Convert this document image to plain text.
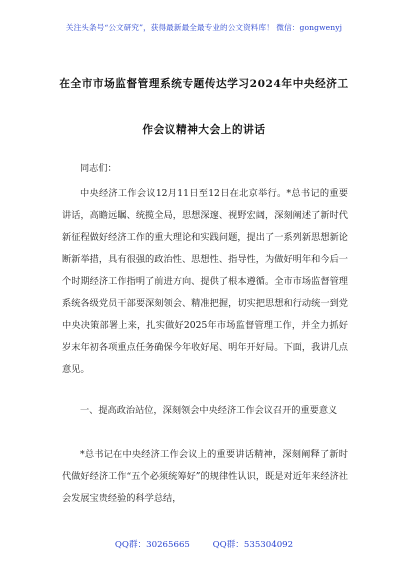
关注头条号“公文研究”，获得最新最全最专业的公文资料库！ 微信：gongwenyj
在全市市场监督管理系统专题传达学习2024年中央经济工
作会议精神大会上的讲话
同志们：
中央经济工作会议12月11日至12日在北京举行。*总书记的重要讲话，高瞻远瞩、统揽全局，思想深邃、视野宏阔，深刻阐述了新时代新征程做好经济工作的重大理论和实践问题，提出了一系列新思想新论断新举措，具有很强的政治性、思想性、指导性，为做好明年和今后一个时期经济工作指明了前进方向、提供了根本遵循。全市市场监督管理系统各级党员干部要深刻领会、精准把握，切实把思想和行动统一到党中央决策部署上来，扎实做好2025年市场监督管理工作，并全力抓好岁末年初各项重点任务确保今年收好尾、明年开好局。下面，我讲几点意见。
一、提高政治站位，深刻领会中央经济工作会议召开的重要意义
*总书记在中央经济工作会议上的重要讲话精神，深刻阐释了新时代做好经济工作“五个必须统筹好”的规律性认识，既是对近年来经济社会发展宝贵经验的科学总结，
QQ群：30265665	QQ群：535304092
